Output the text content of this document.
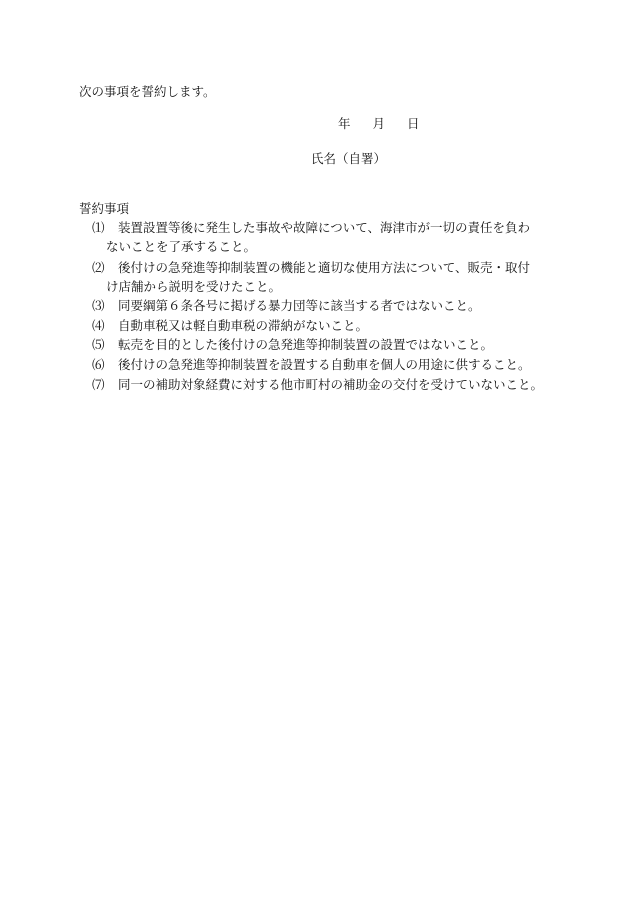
次の事項を誓約します。
年 月 日
氏名（自署）
誓約事項
⑴ 装置設置等後に発生した事故や故障について、海津市が一切の責任を負わ
ないことを了承すること。
⑵ 後付けの急発進等抑制装置の機能と適切な使用方法について、販売・取付
け店舗から説明を受けたこと。
⑶ 同要綱第６条各号に掲げる暴力団等に該当する者ではないこと。
⑷ 自動車税又は軽自動車税の滞納がないこと。
⑸ 転売を目的とした後付けの急発進等抑制装置の設置ではないこと。
⑹ 後付けの急発進等抑制装置を設置する自動車を個人の用途に供すること。
⑺ 同一の補助対象経費に対する他市町村の補助金の交付を受けていないこと。
